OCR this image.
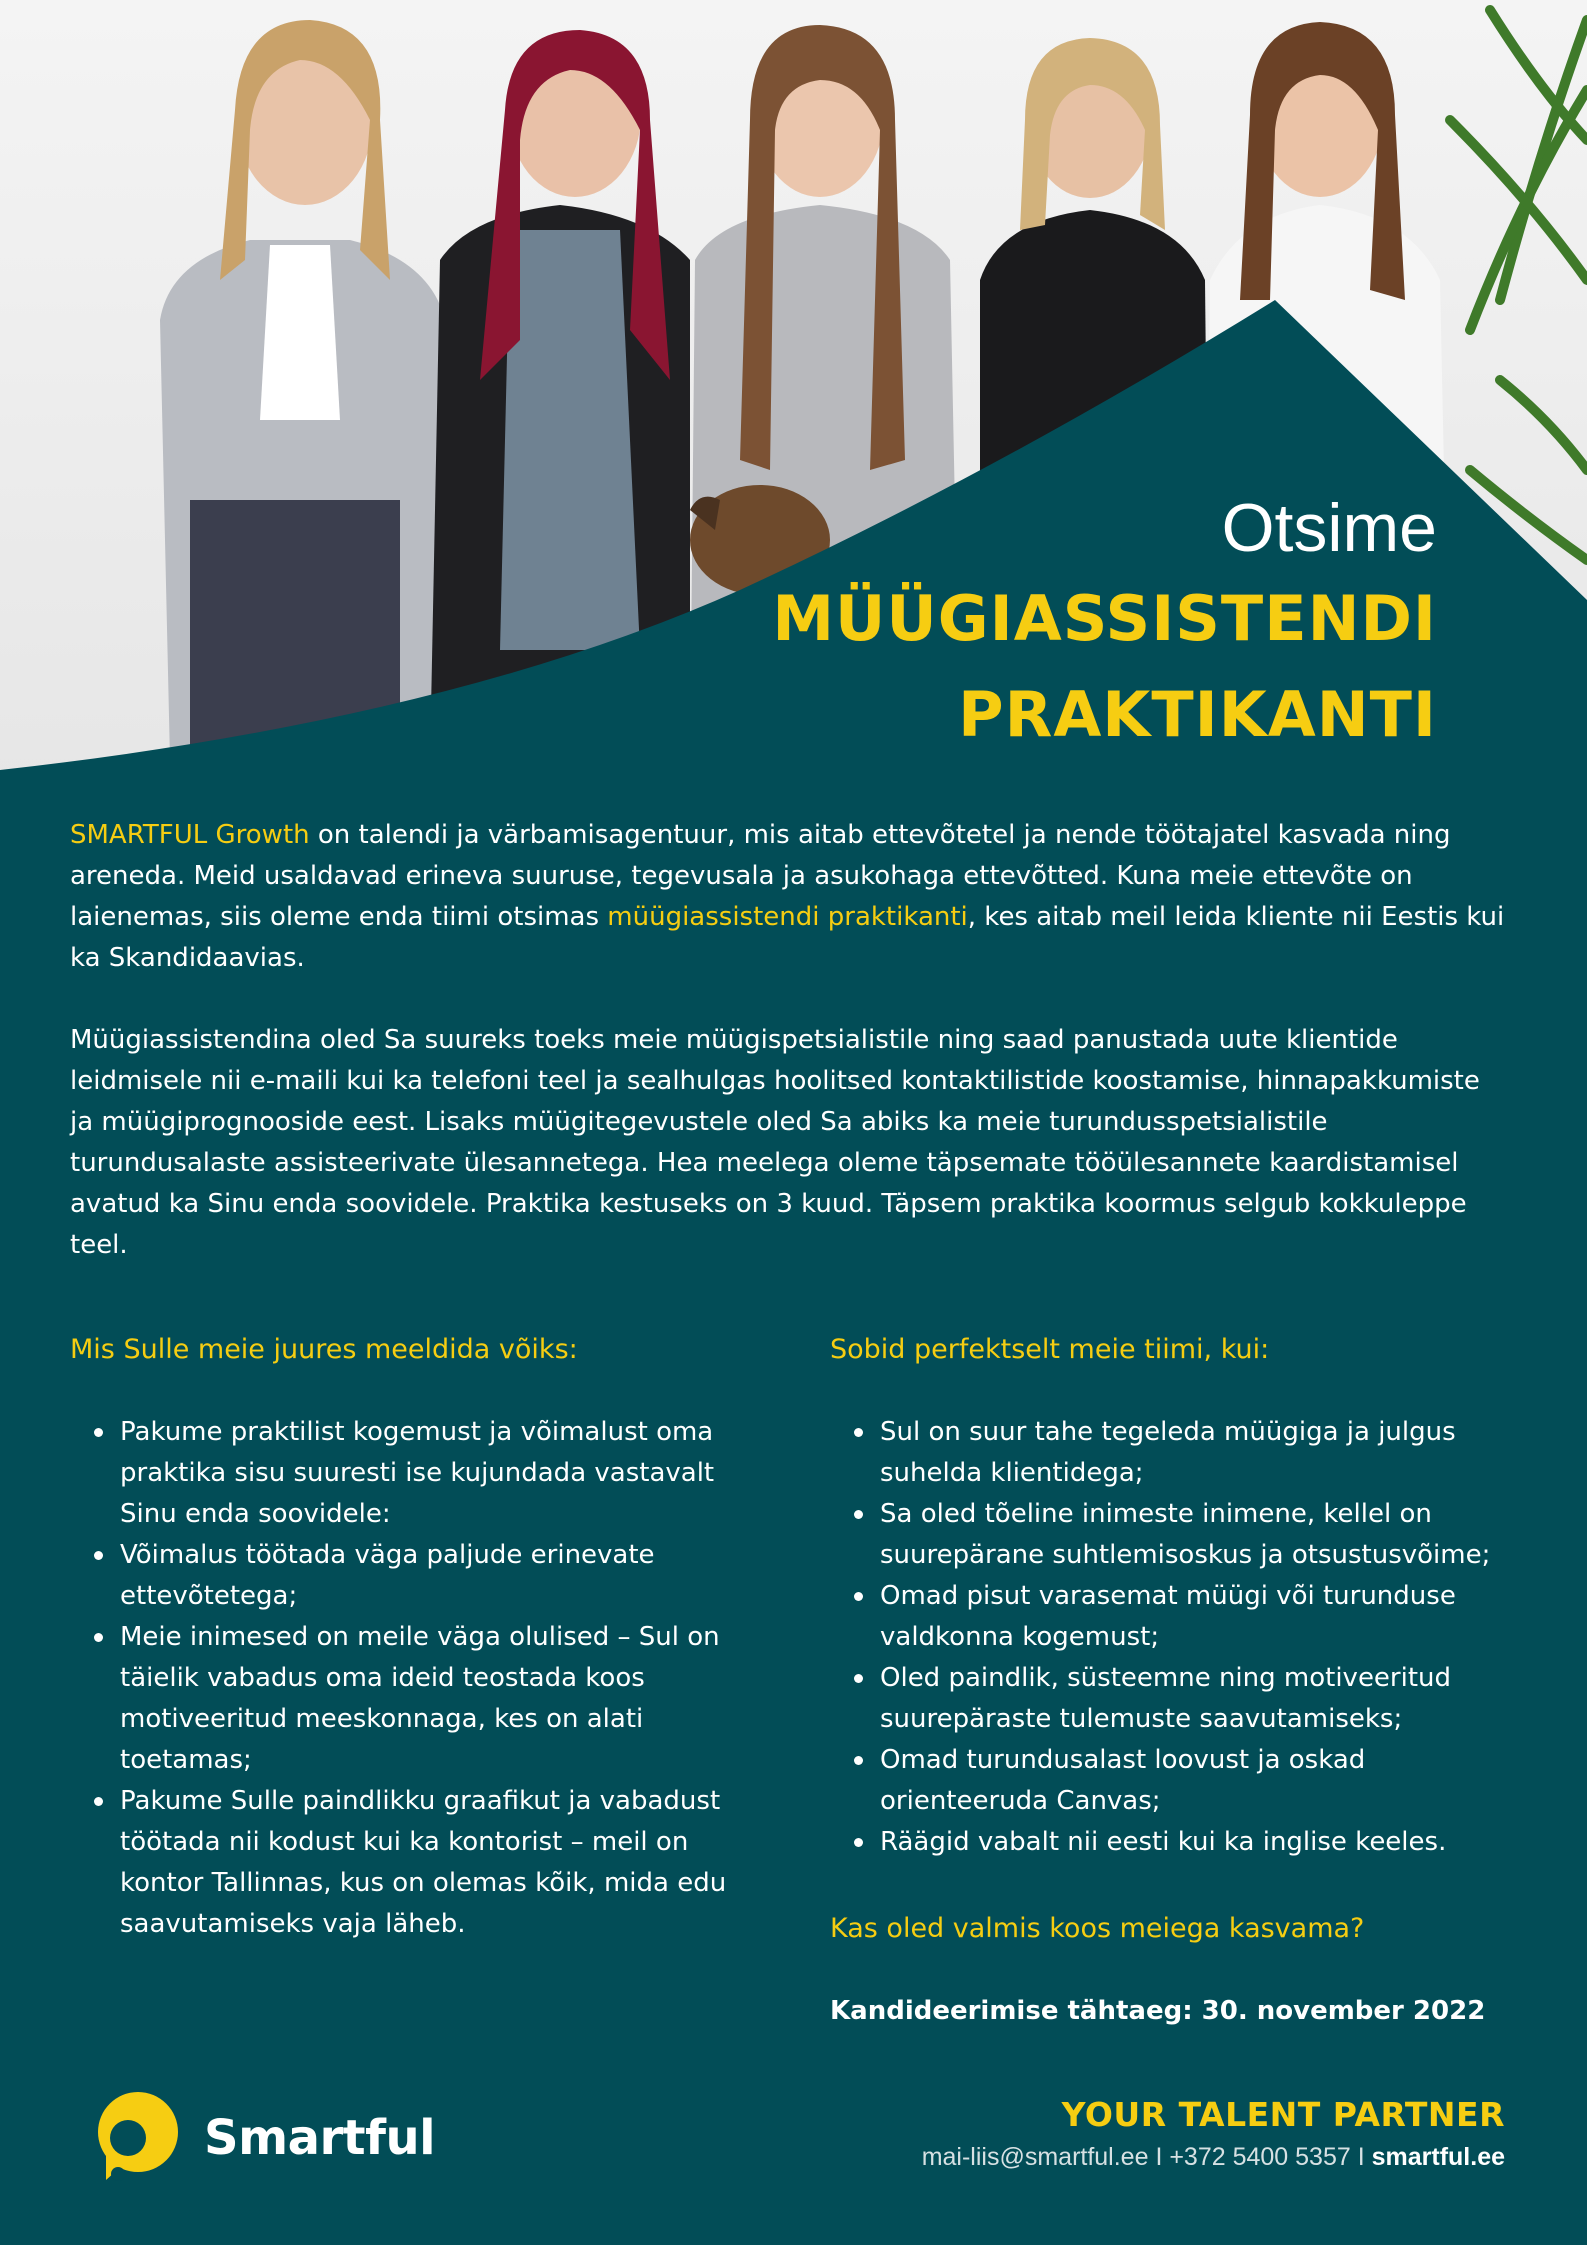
Otsime
MÜÜGIASSISTENDI
PRAKTIKANTI

SMARTFUL Growth on talendi ja värbamisagentuur, mis aitab ettevõtetel ja nende töötajatel kasvada ning areneda. Meid usaldavad erineva suuruse, tegevusala ja asukohaga ettevõtted. Kuna meie ettevõte on laienemas, siis oleme enda tiimi otsimas müügiassistendi praktikanti, kes aitab meil leida kliente nii Eestis kui ka Skandidaavias.

Müügiassistendina oled Sa suureks toeks meie müügispetsialistile ning saad panustada uute klientide leidmisele nii e-maili kui ka telefoni teel ja sealhulgas hoolitsed kontaktilistide koostamise, hinnapakkumiste ja müügiprognooside eest. Lisaks müügitegevustele oled Sa abiks ka meie turundusspetsialistile turundusalaste assisteerivate ülesannetega. Hea meelega oleme täpsemate tööülesannete kaardistamisel avatud ka Sinu enda soovidele. Praktika kestuseks on 3 kuud. Täpsem praktika koormus selgub kokkuleppe teel.

Mis Sulle meie juures meeldida võiks:
Pakume praktilist kogemust ja võimalust oma praktika sisu suuresti ise kujundada vastavalt Sinu enda soovidele:
Võimalus töötada väga paljude erinevate ettevõtetega;
Meie inimesed on meile väga olulised – Sul on täielik vabadus oma ideid teostada koos motiveeritud meeskonnaga, kes on alati toetamas;
Pakume Sulle paindlikku graafikut ja vabadust töötada nii kodust kui ka kontorist – meil on kontor Tallinnas, kus on olemas kõik, mida edu saavutamiseks vaja läheb.
Sobid perfektselt meie tiimi, kui:
Sul on suur tahe tegeleda müügiga ja julgus suhelda klientidega;
Sa oled tõeline inimeste inimene, kellel on suurepärane suhtlemisoskus ja otsustusvõime;
Omad pisut varasemat müügi või turunduse valdkonna kogemust;
Oled paindlik, süsteemne ning motiveeritud suurepäraste tulemuste saavutamiseks;
Omad turundusalast loovust ja oskad orienteeruda Canvas;
Räägid vabalt nii eesti kui ka inglise keeles.
Kas oled valmis koos meiega kasvama?
Kandideerimise tähtaeg: 30. november 2022
Smartful	YOUR TALENT PARTNER
mai-liis@smartful.ee I +372 5400 5357 I smartful.ee
